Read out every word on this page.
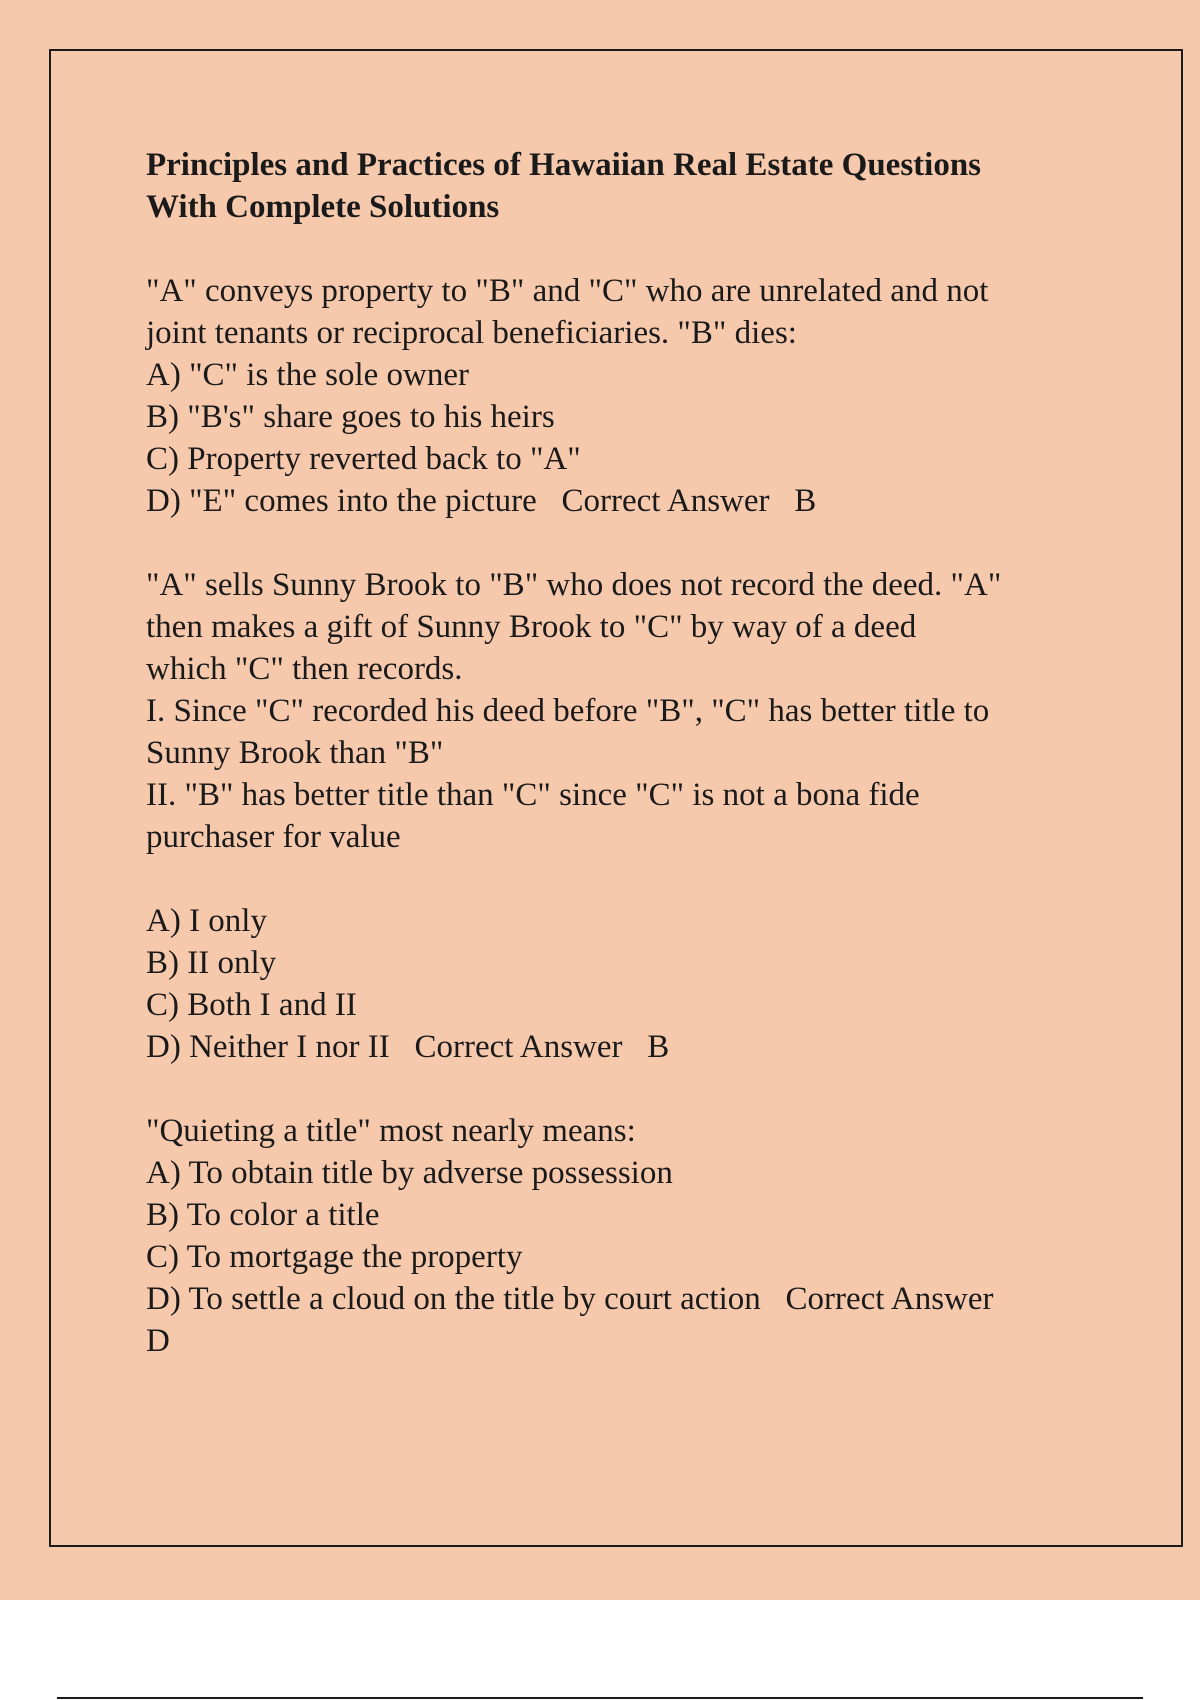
Principles and Practices of Hawaiian Real Estate Questions
With Complete Solutions
"A" conveys property to "B" and "C" who are unrelated and not
joint tenants or reciprocal beneficiaries. "B" dies:
A) "C" is the sole owner
B) "B's" share goes to his heirs
C) Property reverted back to "A"
D) "E" comes into the picture   Correct Answer   B
"A" sells Sunny Brook to "B" who does not record the deed. "A"
then makes a gift of Sunny Brook to "C" by way of a deed
which "C" then records.
I. Since "C" recorded his deed before "B", "C" has better title to
Sunny Brook than "B"
II. "B" has better title than "C" since "C" is not a bona fide
purchaser for value
A) I only
B) II only
C) Both I and II
D) Neither I nor II   Correct Answer   B
"Quieting a title" most nearly means:
A) To obtain title by adverse possession
B) To color a title
C) To mortgage the property
D) To settle a cloud on the title by court action   Correct Answer
D
